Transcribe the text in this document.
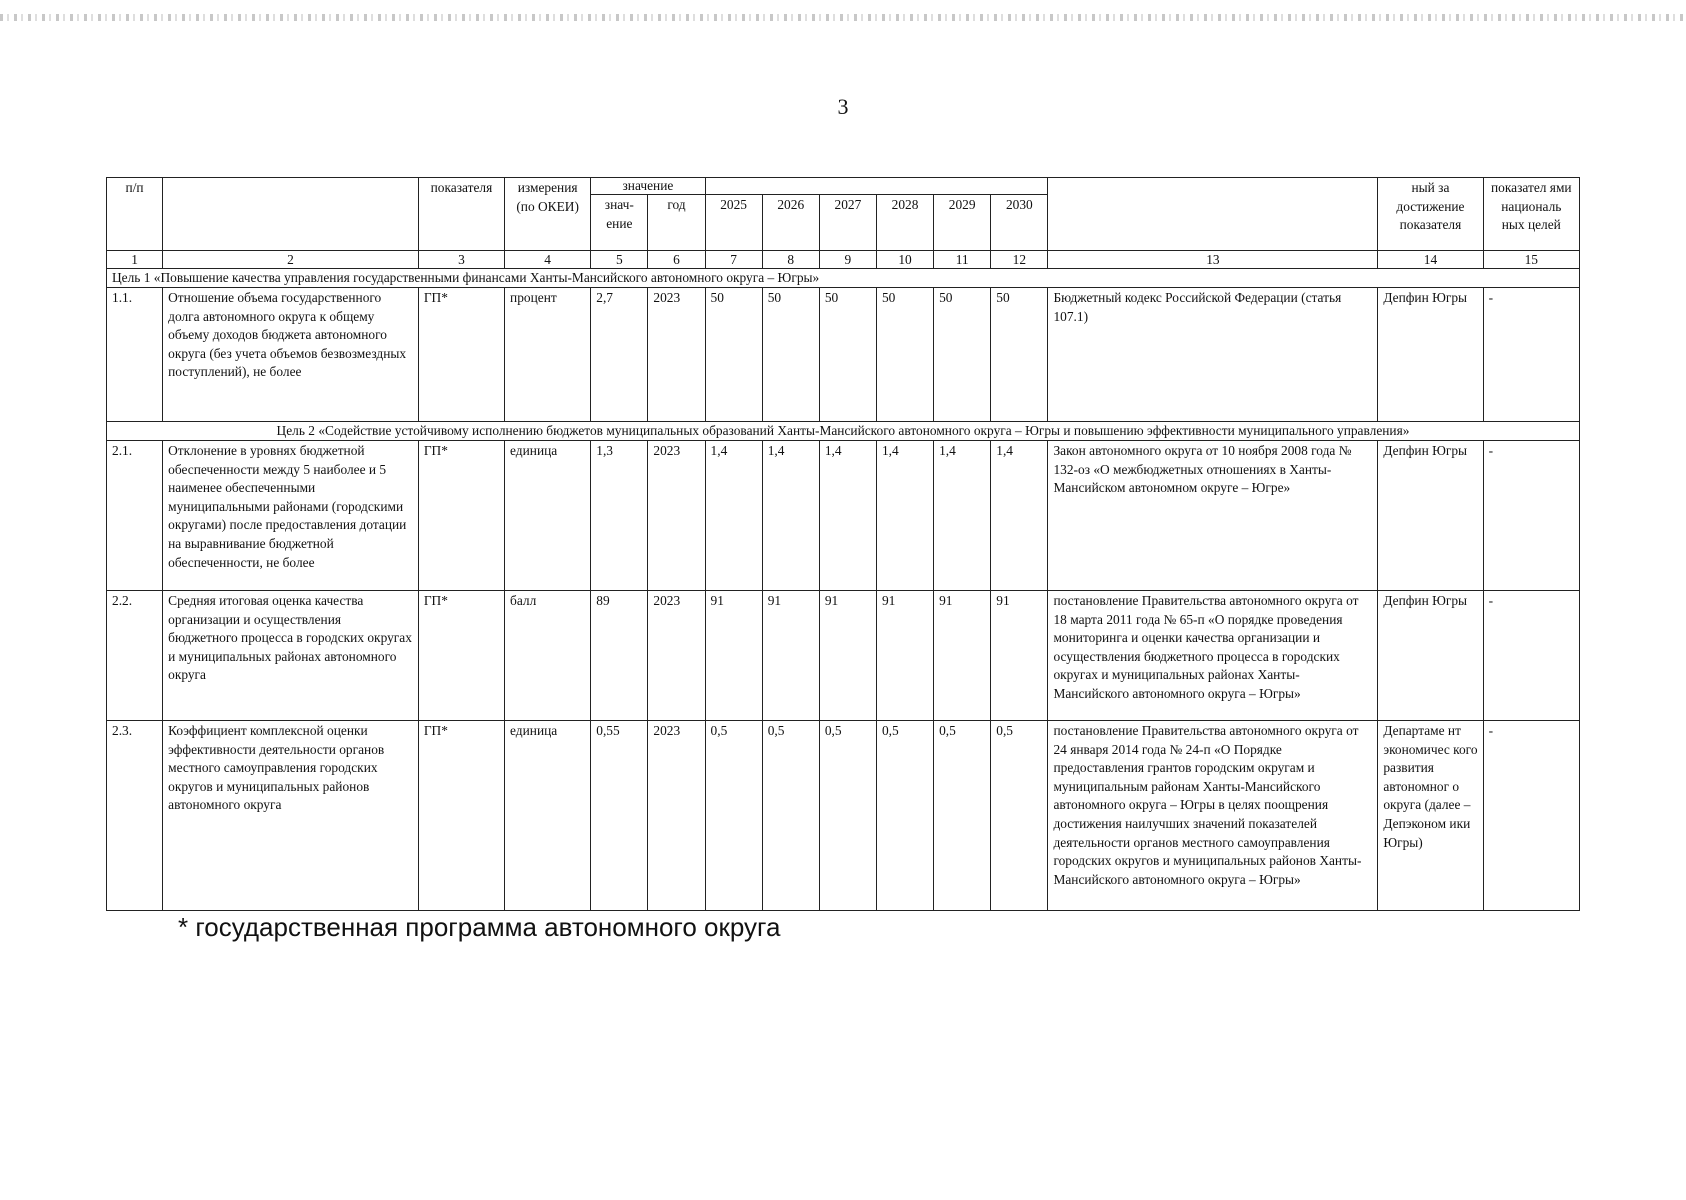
3
п/п		показателя	измерения (по ОКЕИ)	значение									ный за достижение показателя	показател ями националь ных целей
				значение	год	2025	2026	2027	2028	2029	2030			
1	2	3	4	5	6	7	8	9	10	11	12	13	14	15
Цель 1 «Повышение качества управления государственными финансами Ханты-Мансийского автономного округа – Югры»														
1.1.	Отношение объема государственного долга автономного округа к общему объему доходов бюджета автономного округа (без учета объемов безвозмездных поступлений), не более	ГП*	процент	2,7	2023	50	50	50	50	50	50	Бюджетный кодекс Российской Федерации (статья 107.1)	Депфин Югры	-
Цель 2 «Содействие устойчивому исполнению бюджетов муниципальных образований Ханты-Мансийского автономного округа – Югры и повышению эффективности муниципального управления»														
2.1.	Отклонение в уровнях бюджетной обеспеченности между 5 наиболее и 5 наименее обеспеченными муниципальными районами (городскими округами) после предоставления дотации на выравнивание бюджетной обеспеченности, не более	ГП*	единица	1,3	2023	1,4	1,4	1,4	1,4	1,4	1,4	Закон автономного округа от 10 ноября 2008 года № 132-оз «О межбюджетных отношениях в Ханты-Мансийском автономном округе – Югре»	Депфин Югры	-
2.2.	Средняя итоговая оценка качества организации и осуществления бюджетного процесса в городских округах и муниципальных районах автономного округа	ГП*	балл	89	2023	91	91	91	91	91	91	постановление Правительства автономного округа от 18 марта 2011 года № 65-п «О порядке проведения мониторинга и оценки качества организации и осуществления бюджетного процесса в городских округах и муниципальных районах Ханты-Мансийского автономного округа – Югры»	Депфин Югры	-
2.3.	Коэффициент комплексной оценки эффективности деятельности органов местного самоуправления городских округов и муниципальных районов автономного округа	ГП*	единица	0,55	2023	0,5	0,5	0,5	0,5	0,5	0,5	постановление Правительства автономного округа от 24 января 2014 года № 24-п «О Порядке предоставления грантов городским округам и муниципальным районам Ханты-Мансийского автономного округа – Югры в целях поощрения достижения наилучших значений показателей деятельности органов местного самоуправления городских округов и муниципальных районов Ханты-Мансийского автономного округа – Югры»	Департаме нт экономичес кого развития автономног о округа (далее – Депэконом ики Югры)	-
* государственная программа автономного округа
